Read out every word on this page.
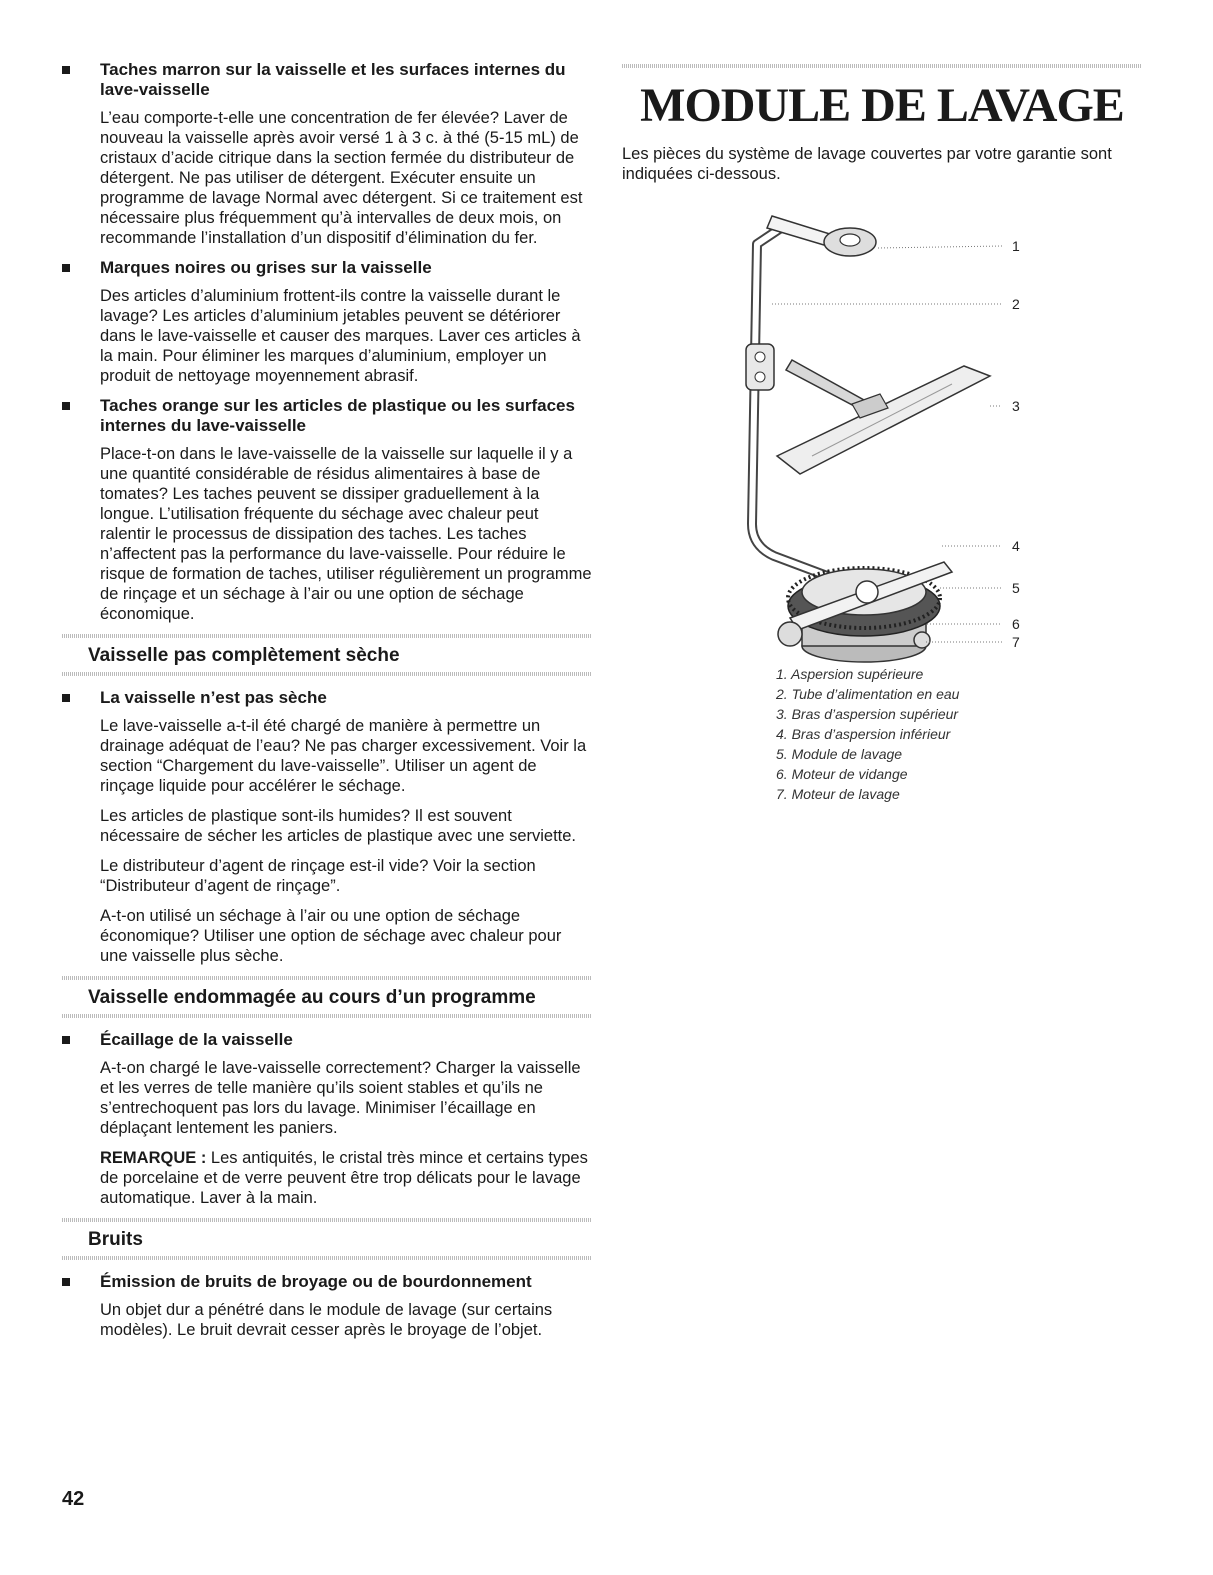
Taches marron sur la vaisselle et les surfaces internes du lave-vaisselle

L’eau comporte-t-elle une concentration de fer élevée? Laver de nouveau la vaisselle après avoir versé 1 à 3 c. à thé (5-15 mL) de cristaux d’acide citrique dans la section fermée du distributeur de détergent. Ne pas utiliser de détergent. Exécuter ensuite un programme de lavage Normal avec détergent. Si ce traitement est nécessaire plus fréquemment qu’à intervalles de deux mois, on recommande l’installation d’un dispositif d’élimination du fer.

Marques noires ou grises sur la vaisselle

Des articles d’aluminium frottent-ils contre la vaisselle durant le lavage? Les articles d’aluminium jetables peuvent se détériorer dans le lave-vaisselle et causer des marques. Laver ces articles à la main. Pour éliminer les marques d’aluminium, employer un produit de nettoyage moyennement abrasif.

Taches orange sur les articles de plastique ou les surfaces internes du lave-vaisselle

Place-t-on dans le lave-vaisselle de la vaisselle sur laquelle il y a une quantité considérable de résidus alimentaires à base de tomates? Les taches peuvent se dissiper graduellement à la longue. L’utilisation fréquente du séchage avec chaleur peut ralentir le processus de dissipation des taches. Les taches n’affectent pas la performance du lave-vaisselle. Pour réduire le risque de formation de taches, utiliser régulièrement un programme de rinçage et un séchage à l’air ou une option de séchage économique.

Vaisselle pas complètement sèche

La vaisselle n’est pas sèche

Le lave-vaisselle a-t-il été chargé de manière à permettre un drainage adéquat de l’eau? Ne pas charger excessivement. Voir la section “Chargement du lave-vaisselle”. Utiliser un agent de rinçage liquide pour accélérer le séchage.

Les articles de plastique sont-ils humides? Il est souvent nécessaire de sécher les articles de plastique avec une serviette.

Le distributeur d’agent de rinçage est-il vide? Voir la section “Distributeur d’agent de rinçage”.

A-t-on utilisé un séchage à l’air ou une option de séchage économique? Utiliser une option de séchage avec chaleur pour une vaisselle plus sèche.

Vaisselle endommagée au cours d’un programme

Écaillage de la vaisselle

A-t-on chargé le lave-vaisselle correctement? Charger la vaisselle et les verres de telle manière qu’ils soient stables et qu’ils ne s’entrechoquent pas lors du lavage. Minimiser l’écaillage en déplaçant lentement les paniers.

REMARQUE : Les antiquités, le cristal très mince et certains types de porcelaine et de verre peuvent être trop délicats pour le lavage automatique. Laver à la main.

Bruits

Émission de bruits de broyage ou de bourdonnement

Un objet dur a pénétré dans le module de lavage (sur certains modèles). Le bruit devrait cesser après le broyage de l’objet.

MODULE DE LAVAGE

Les pièces du système de lavage couvertes par votre garantie sont indiquées ci-dessous.

1
2
3
4
5
6
7
1. Aspersion supérieure
2. Tube d’alimentation en eau
3. Bras d’aspersion supérieur
4. Bras d’aspersion inférieur
5. Module de lavage
6. Moteur de vidange
7. Moteur de lavage
42
